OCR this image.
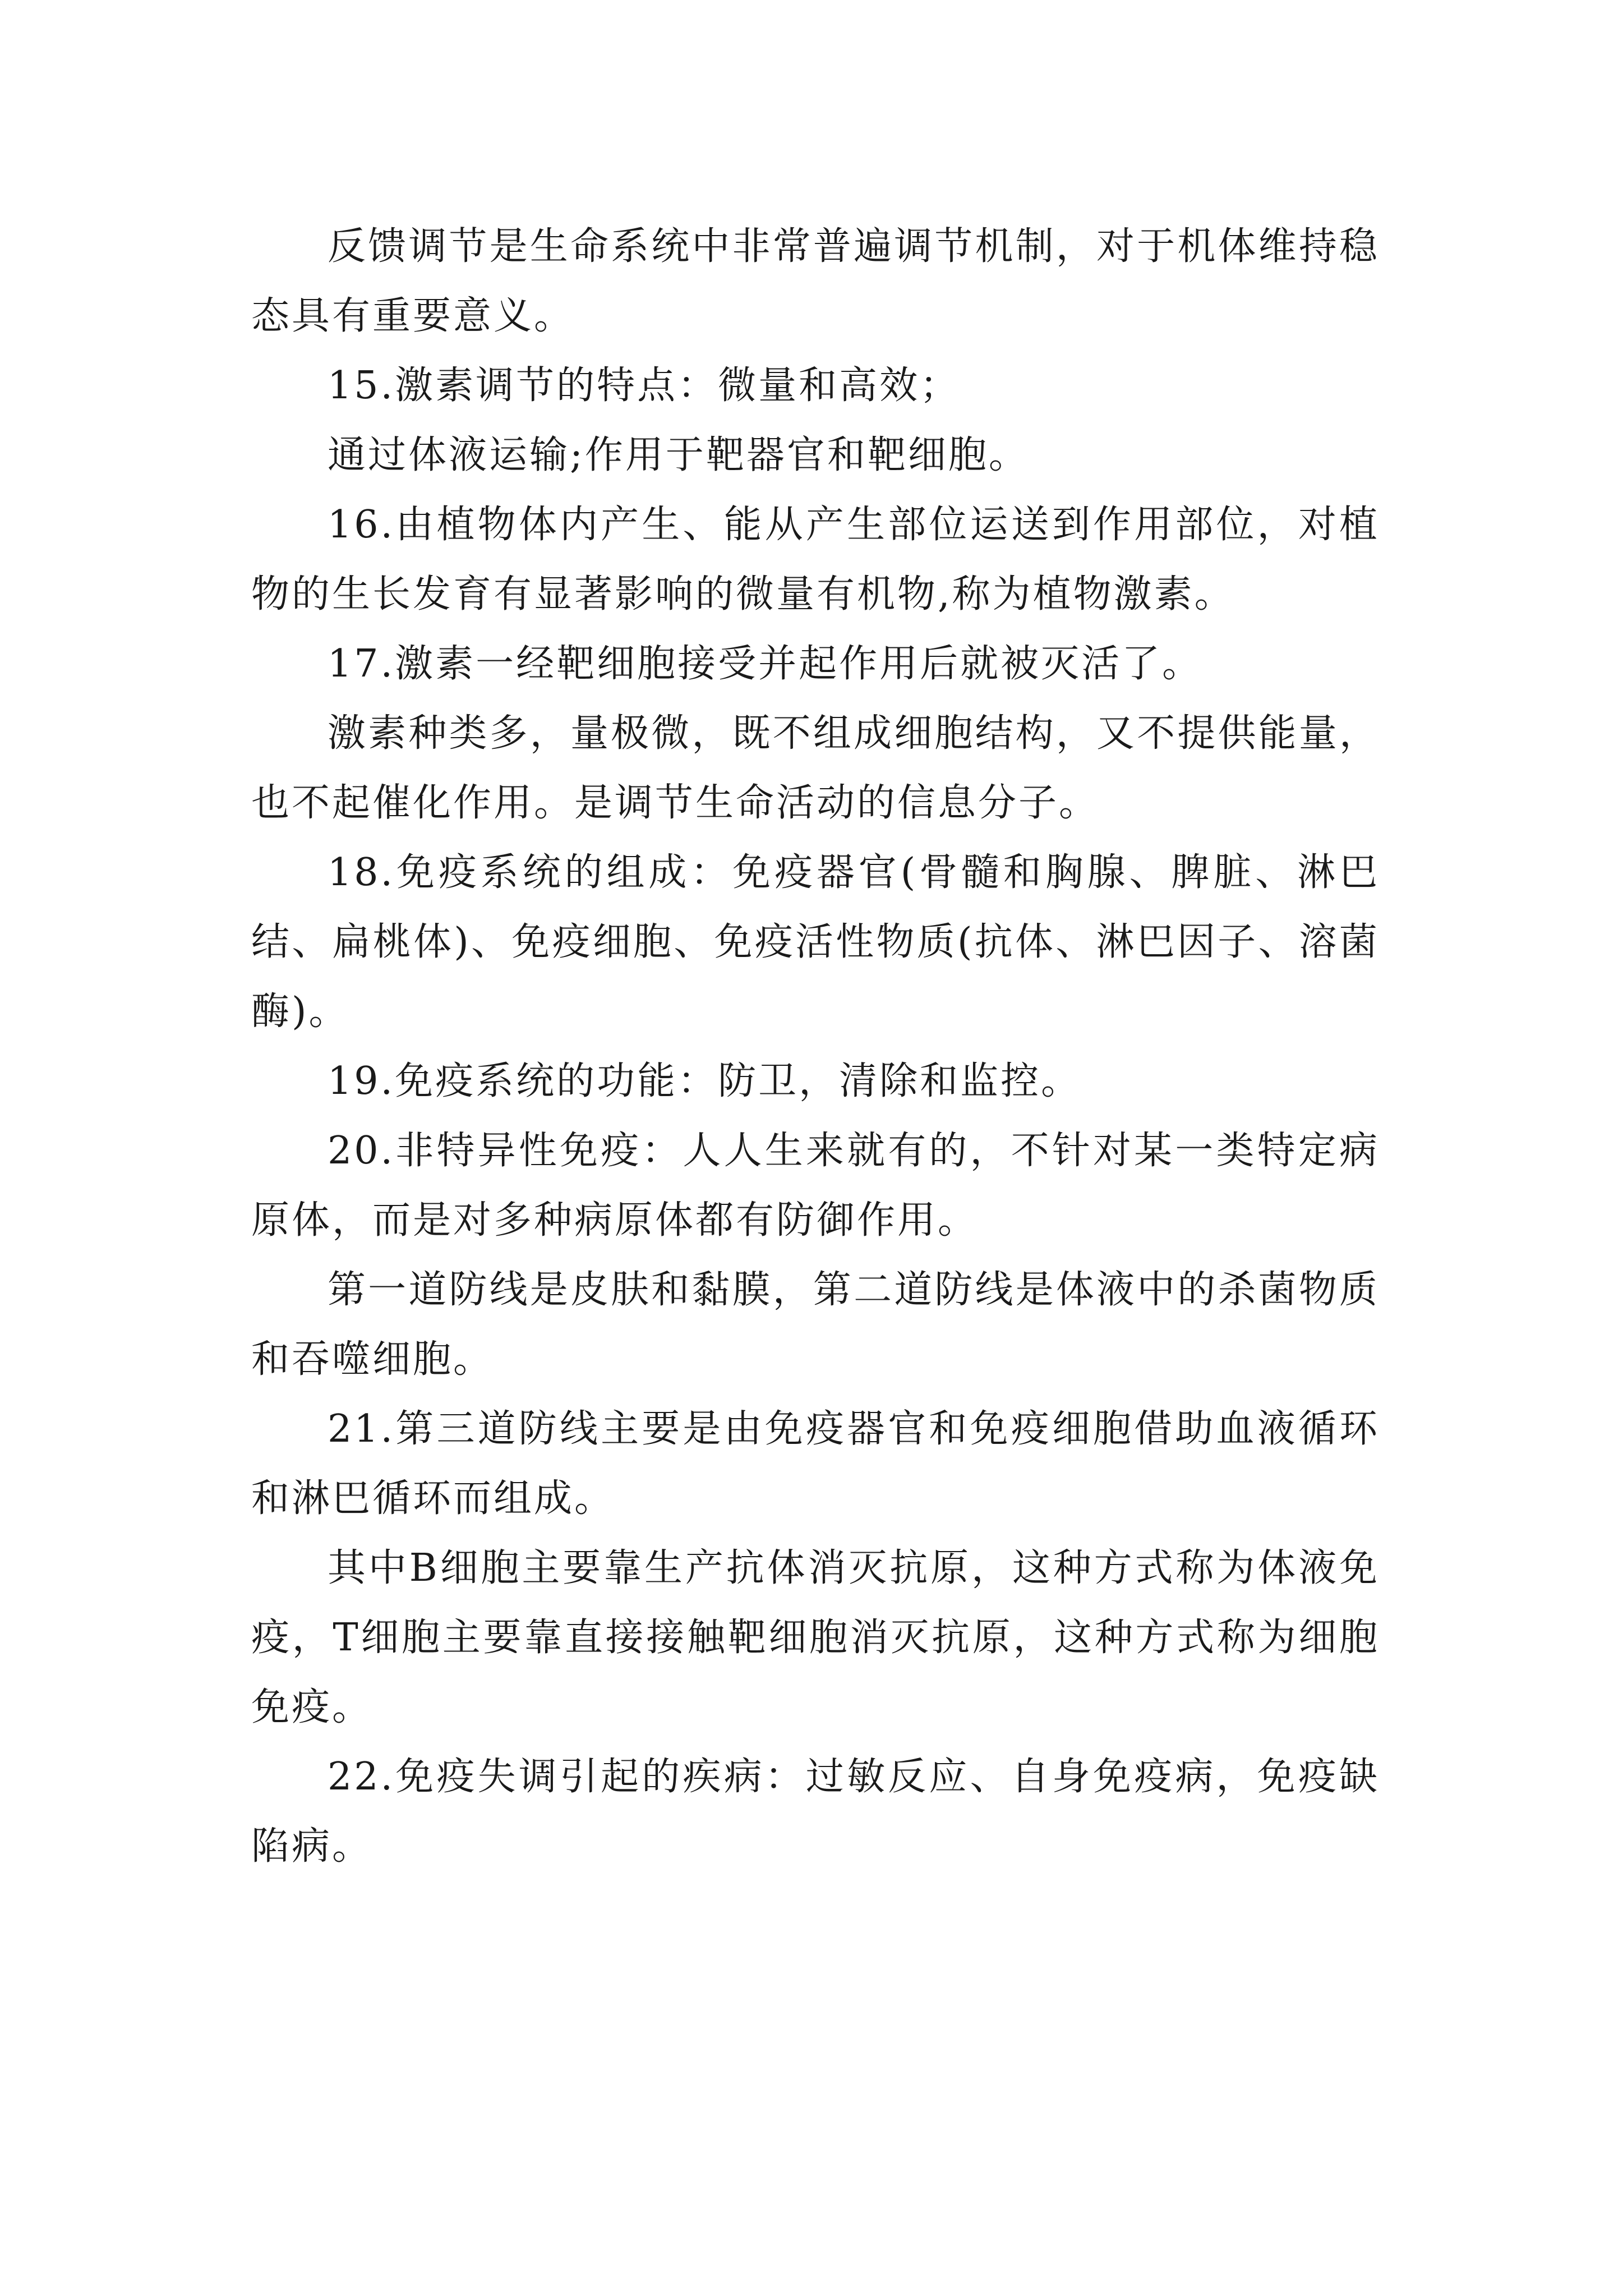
反馈调节是生命系统中非常普遍调节机制，对于机体维持稳态具有重要意义。

15.激素调节的特点：微量和高效；

通过体液运输;作用于靶器官和靶细胞。

16.由植物体内产生、能从产生部位运送到作用部位，对植物的生长发育有显著影响的微量有机物,称为植物激素。

17.激素一经靶细胞接受并起作用后就被灭活了。

激素种类多，量极微，既不组成细胞结构，又不提供能量，也不起催化作用。是调节生命活动的信息分子。

18.免疫系统的组成：免疫器官(骨髓和胸腺、脾脏、淋巴结、扁桃体)、免疫细胞、免疫活性物质(抗体、淋巴因子、溶菌酶)。

19.免疫系统的功能：防卫，清除和监控。

20.非特异性免疫：人人生来就有的，不针对某一类特定病原体，而是对多种病原体都有防御作用。

第一道防线是皮肤和黏膜，第二道防线是体液中的杀菌物质和吞噬细胞。

21.第三道防线主要是由免疫器官和免疫细胞借助血液循环和淋巴循环而组成。

其中B细胞主要靠生产抗体消灭抗原，这种方式称为体液免疫，T细胞主要靠直接接触靶细胞消灭抗原，这种方式称为细胞免疫。

22.免疫失调引起的疾病：过敏反应、自身免疫病，免疫缺陷病。
